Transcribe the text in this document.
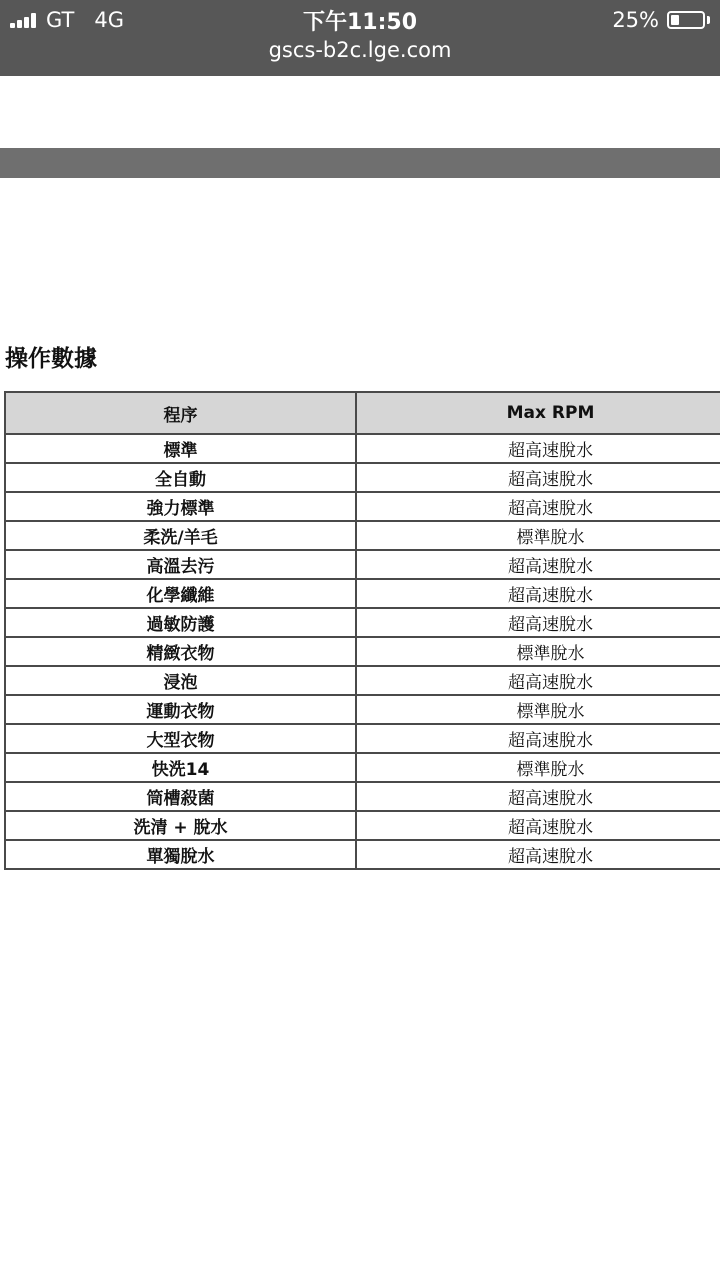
GT 4G	下午11:50	25%
gscs-b2c.lge.com
操作數據
程序	Max RPM
標準	超高速脫水
全自動	超高速脫水
強力標準	超高速脫水
柔洗/羊毛	標準脫水
高溫去污	超高速脫水
化學纖維	超高速脫水
過敏防護	超高速脫水
精緻衣物	標準脫水
浸泡	超高速脫水
運動衣物	標準脫水
大型衣物	超高速脫水
快洗14	標準脫水
筒槽殺菌	超高速脫水
洗清 + 脫水	超高速脫水
單獨脫水	超高速脫水
